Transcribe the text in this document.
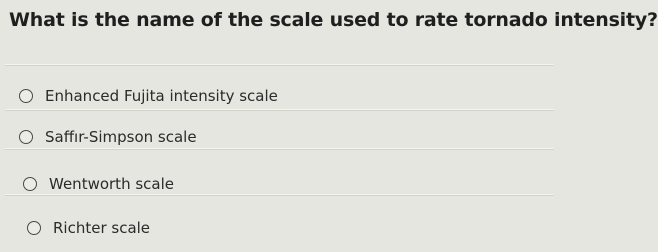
What is the name of the scale used to rate tornado intensity?
Enhanced Fujita intensity scale
Saffır-Simpson scale
Wentworth scale
Richter scale
